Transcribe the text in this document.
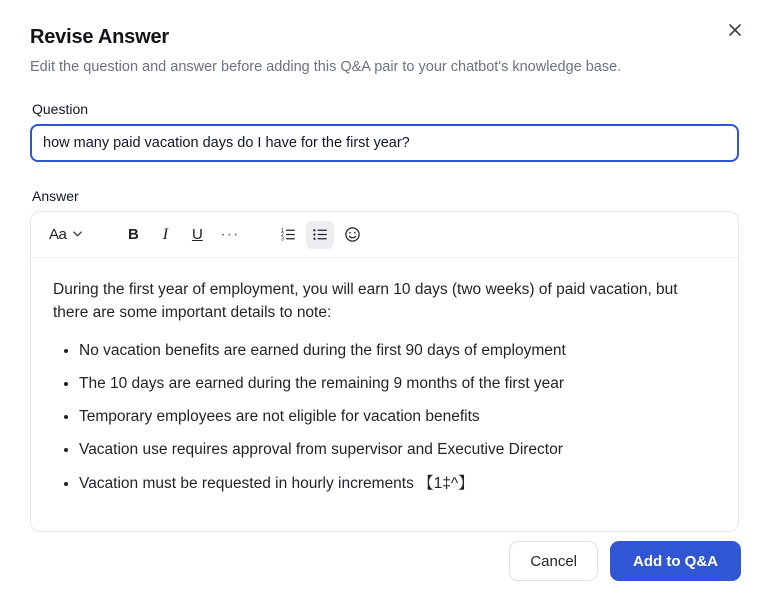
Revise Answer
Edit the question and answer before adding this Q&A pair to your chatbot's knowledge base.
Question
how many paid vacation days do I have for the first year?
Answer
Aa	B	I	U	···	1
2
3

During the first year of employment, you will earn 10 days (two weeks) of paid vacation, but there are some important details to note:

• No vacation benefits are earned during the first 90 days of employment
• The 10 days are earned during the remaining 9 months of the first year
• Temporary employees are not eligible for vacation benefits
• Vacation use requires approval from supervisor and Executive Director
• Vacation must be requested in hourly increments 【1‡^】
Cancel	Add to Q&A
